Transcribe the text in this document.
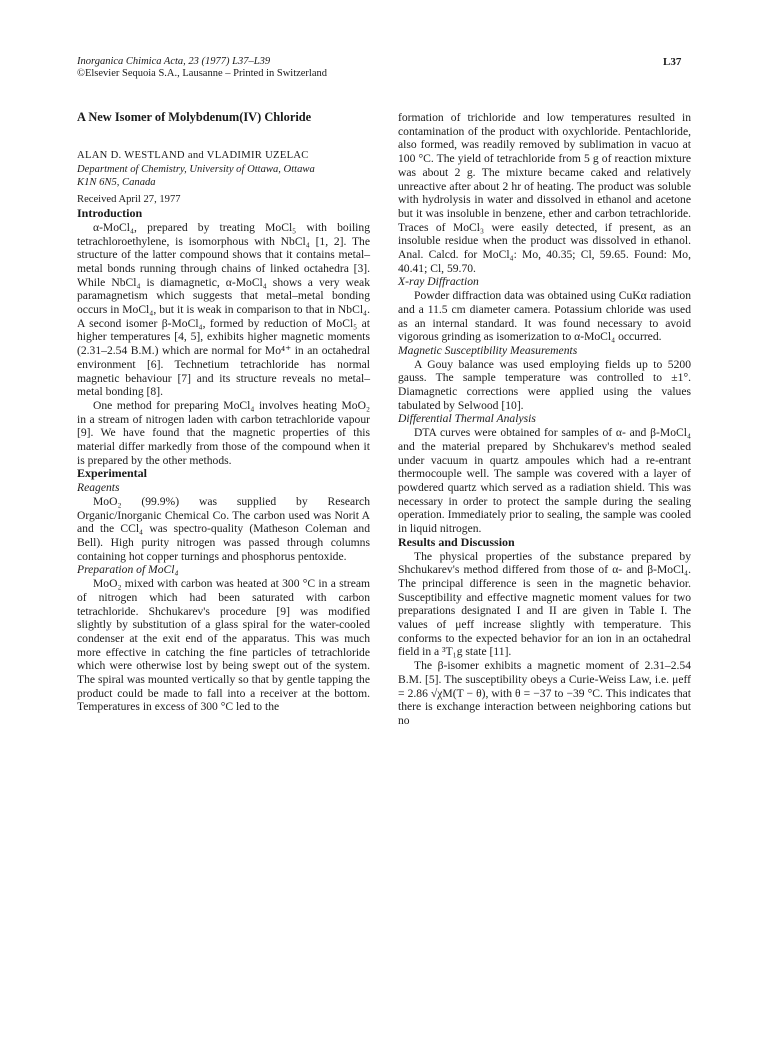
Inorganica Chimica Acta, 23 (1977) L37–L39
©Elsevier Sequoia S.A., Lausanne – Printed in Switzerland
L37
A New Isomer of Molybdenum(IV) Chloride
ALAN D. WESTLAND and VLADIMIR UZELAC
Department of Chemistry, University of Ottawa, Ottawa
K1N 6N5, Canada
Received April 27, 1977
Introduction

α-MoCl₄, prepared by treating MoCl₅ with boiling tetrachloroethylene, is isomorphous with NbCl₄ [1, 2]. The structure of the latter compound shows that it contains metal–metal bonds running through chains of linked octahedra [3]. While NbCl₄ is diamagnetic, α-MoCl₄ shows a very weak paramagnetism which suggests that metal–metal bonding occurs in MoCl₄, but it is weak in comparison to that in NbCl₄. A second isomer β-MoCl₄, formed by reduction of MoCl₅ at higher temperatures [4, 5], exhibits higher magnetic moments (2.31–2.54 B.M.) which are normal for Mo⁴⁺ in an octahedral environment [6]. Technetium tetrachloride has normal magnetic behaviour [7] and its structure reveals no metal–metal bonding [8].

One method for preparing MoCl₄ involves heating MoO₂ in a stream of nitrogen laden with carbon tetrachloride vapour [9]. We have found that the magnetic properties of this material differ markedly from those of the compound when it is prepared by the other methods.

Experimental
Reagents

MoO₂ (99.9%) was supplied by Research Organic/Inorganic Chemical Co. The carbon used was Norit A and the CCl₄ was spectro-quality (Matheson Coleman and Bell). High purity nitrogen was passed through columns containing hot copper turnings and phosphorus pentoxide.

Preparation of MoCl₄

MoO₂ mixed with carbon was heated at 300 °C in a stream of nitrogen which had been saturated with carbon tetrachloride. Shchukarev's procedure [9] was modified slightly by substitution of a glass spiral for the water-cooled condenser at the exit end of the apparatus. This was much more effective in catching the fine particles of tetrachloride which were otherwise lost by being swept out of the system. The spiral was mounted vertically so that by gentle tapping the product could be made to fall into a receiver at the bottom. Temperatures in excess of 300 °C led to the

formation of trichloride and low temperatures resulted in contamination of the product with oxychloride. Pentachloride, also formed, was readily removed by sublimation in vacuo at 100 °C. The yield of tetrachloride from 5 g of reaction mixture was about 2 g. The mixture became caked and relatively unreactive after about 2 hr of heating. The product was soluble with hydrolysis in water and dissolved in ethanol and acetone but it was insoluble in benzene, ether and carbon tetrachloride. Traces of MoCl₃ were easily detected, if present, as an insoluble residue when the product was dissolved in ethanol. Anal. Calcd. for MoCl₄: Mo, 40.35; Cl, 59.65. Found: Mo, 40.41; Cl, 59.70.

X-ray Diffraction

Powder diffraction data was obtained using CuKα radiation and a 11.5 cm diameter camera. Potassium chloride was used as an internal standard. It was found necessary to avoid vigorous grinding as isomerization to α-MoCl₄ occurred.

Magnetic Susceptibility Measurements

A Gouy balance was used employing fields up to 5200 gauss. The sample temperature was controlled to ±1°. Diamagnetic corrections were applied using the values tabulated by Selwood [10].

Differential Thermal Analysis

DTA curves were obtained for samples of α- and β-MoCl₄ and the material prepared by Shchukarev's method sealed under vacuum in quartz ampoules which had a re-entrant thermocouple well. The sample was covered with a layer of powdered quartz which served as a radiation shield. This was necessary in order to protect the sample during the sealing operation. Immediately prior to sealing, the sample was cooled in liquid nitrogen.

Results and Discussion

The physical properties of the substance prepared by Shchukarev's method differed from those of α- and β-MoCl₄. The principal difference is seen in the magnetic behavior. Susceptibility and effective magnetic moment values for two preparations designated I and II are given in Table I. The values of μeff increase slightly with temperature. This conforms to the expected behavior for an ion in an octahedral field in a ³T₁g state [11].

The β-isomer exhibits a magnetic moment of 2.31–2.54 B.M. [5]. The susceptibility obeys a Curie-Weiss Law, i.e. μeff = 2.86 √χM(T − θ), with θ = −37 to −39 °C. This indicates that there is exchange interaction between neighboring cations but no
